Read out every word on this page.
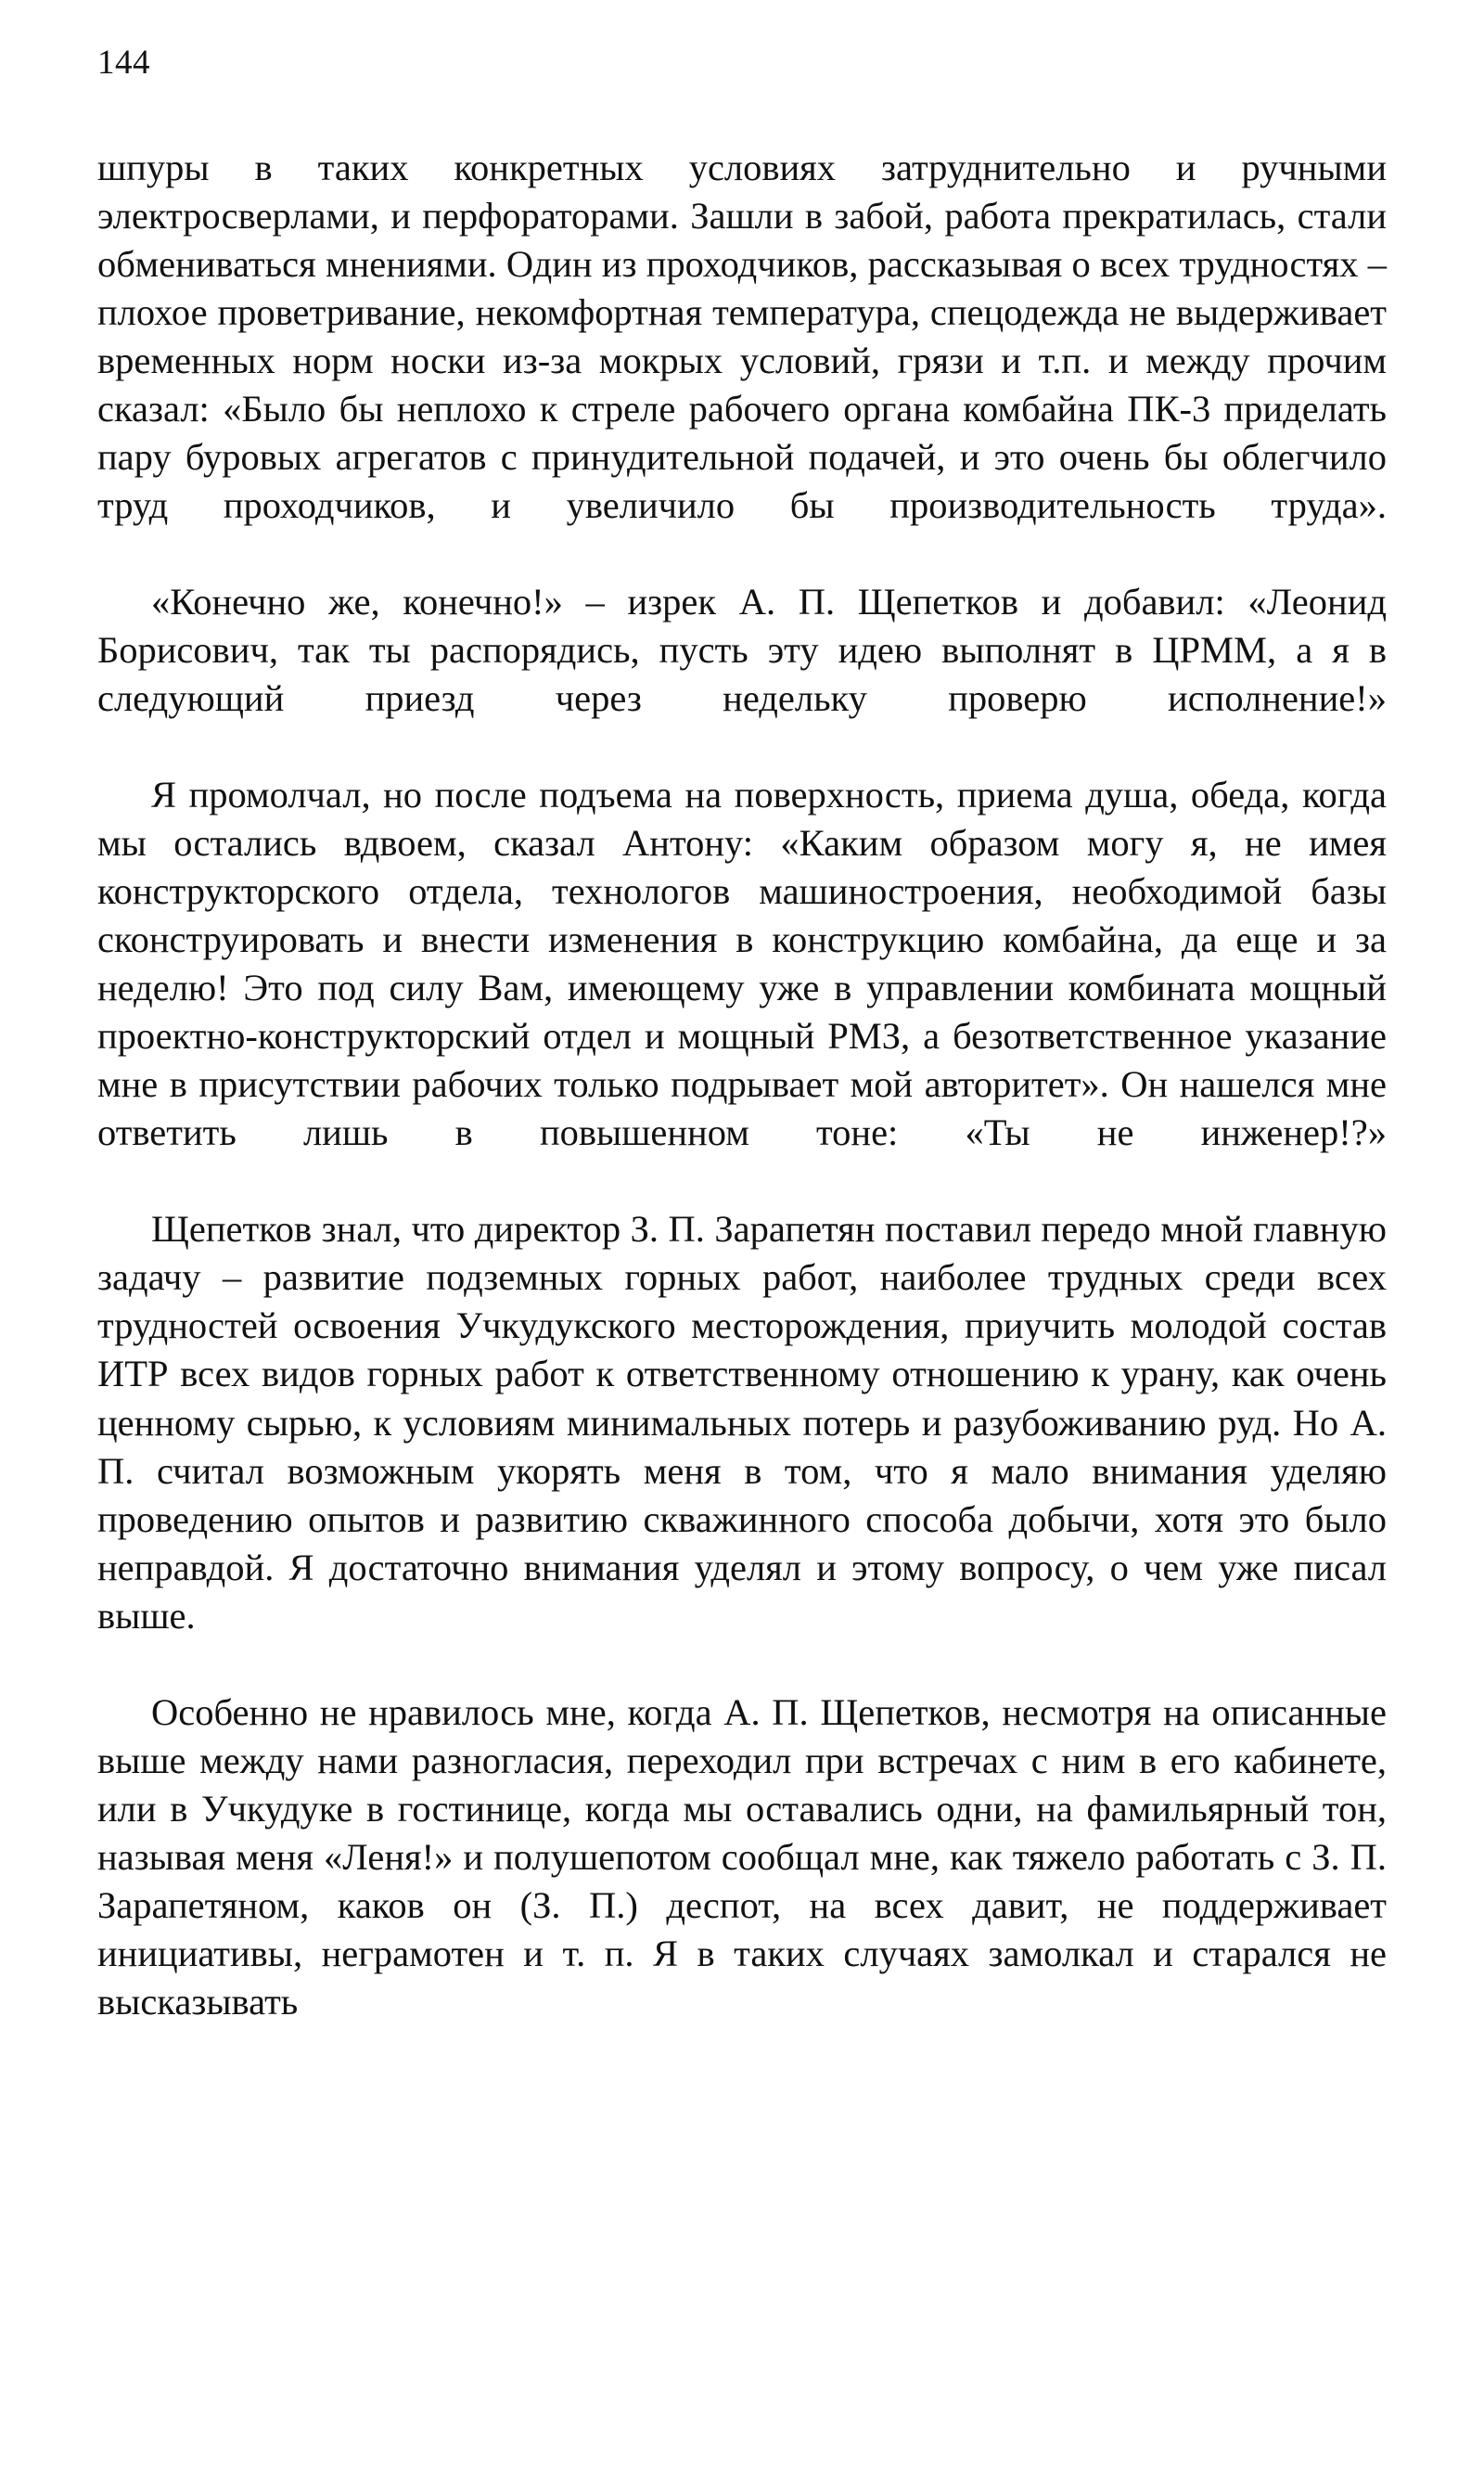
144

шпуры в таких конкретных условиях затруднительно и ручными электросверлами, и перфораторами. Зашли в забой, работа прекратилась, стали обмениваться мнениями. Один из проходчиков, рассказывая о всех трудностях – плохое проветривание, некомфортная температура, спецодежда не выдерживает временных норм носки из-за мокрых условий, грязи и т.п. и между прочим сказал: «Было бы неплохо к стреле рабочего органа комбайна ПК-3 приделать пару буровых агрегатов с принудительной подачей, и это очень бы облегчило труд проходчиков, и увеличило бы производительность труда».

«Конечно же, конечно!» – изрек А. П. Щепетков и добавил: «Леонид Борисович, так ты распорядись, пусть эту идею выполнят в ЦРММ, а я в следующий приезд через недельку проверю исполнение!»

Я промолчал, но после подъема на поверхность, приема душа, обеда, когда мы остались вдвоем, сказал Антону: «Каким образом могу я, не имея конструкторского отдела, технологов машиностроения, необходимой базы сконструировать и внести изменения в конструкцию комбайна, да еще и за неделю! Это под силу Вам, имеющему уже в управлении комбината мощный проектно-конструкторский отдел и мощный РМЗ, а безответственное указание мне в присутствии рабочих только подрывает мой авторитет». Он нашелся мне ответить лишь в повышенном тоне: «Ты не инженер!?»

Щепетков знал, что директор З. П. Зарапетян поставил передо мной главную задачу – развитие подземных горных работ, наиболее трудных среди всех трудностей освоения Учкудукского месторождения, приучить молодой состав ИТР всех видов горных работ к ответственному отношению к урану, как очень ценному сырью, к условиям минимальных потерь и разубоживанию руд. Но А. П. считал возможным укорять меня в том, что я мало внимания уделяю проведению опытов и развитию скважинного способа добычи, хотя это было неправдой. Я достаточно внимания уделял и этому вопросу, о чем уже писал выше.

Особенно не нравилось мне, когда А. П. Щепетков, несмотря на описанные выше между нами разногласия, переходил при встречах с ним в его кабинете, или в Учкудуке в гостинице, когда мы оставались одни, на фамильярный тон, называя меня «Леня!» и полушепотом сообщал мне, как тяжело работать с З. П. Зарапетяном, каков он (З. П.) деспот, на всех давит, не поддерживает инициативы, неграмотен и т. п. Я в таких случаях замолкал и старался не высказывать
